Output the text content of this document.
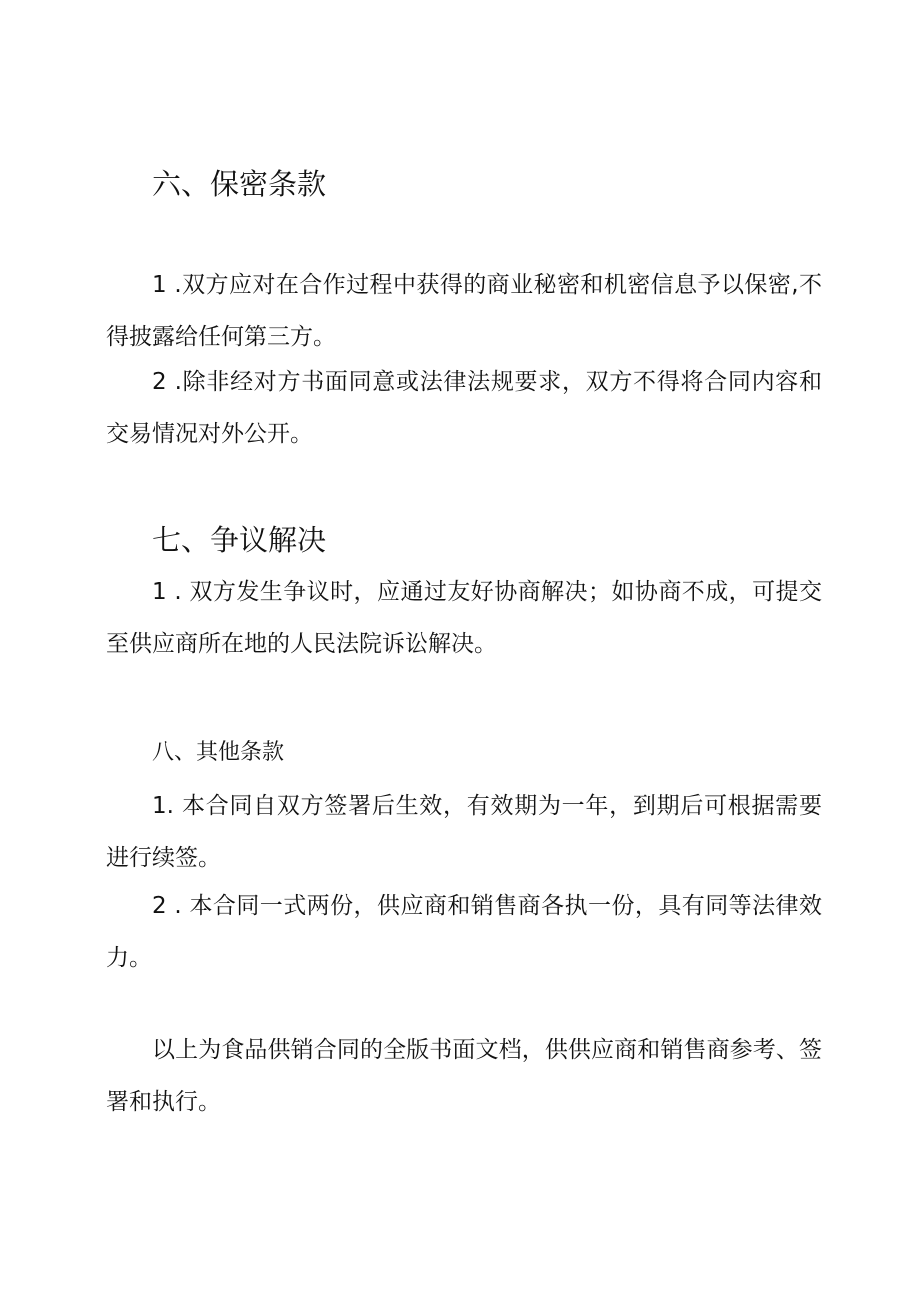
六、保密条款

1 .双方应对在合作过程中获得的商业秘密和机密信息予以保密,不得披露给任何第三方。

2 .除非经对方书面同意或法律法规要求，双方不得将合同内容和交易情况对外公开。

七、争议解决

1 . 双方发生争议时，应通过友好协商解决；如协商不成，可提交至供应商所在地的人民法院诉讼解决。

八、其他条款

1. 本合同自双方签署后生效，有效期为一年，到期后可根据需要进行续签。

2 . 本合同一式两份，供应商和销售商各执一份，具有同等法律效力。

以上为食品供销合同的全版书面文档，供供应商和销售商参考、签署和执行。
